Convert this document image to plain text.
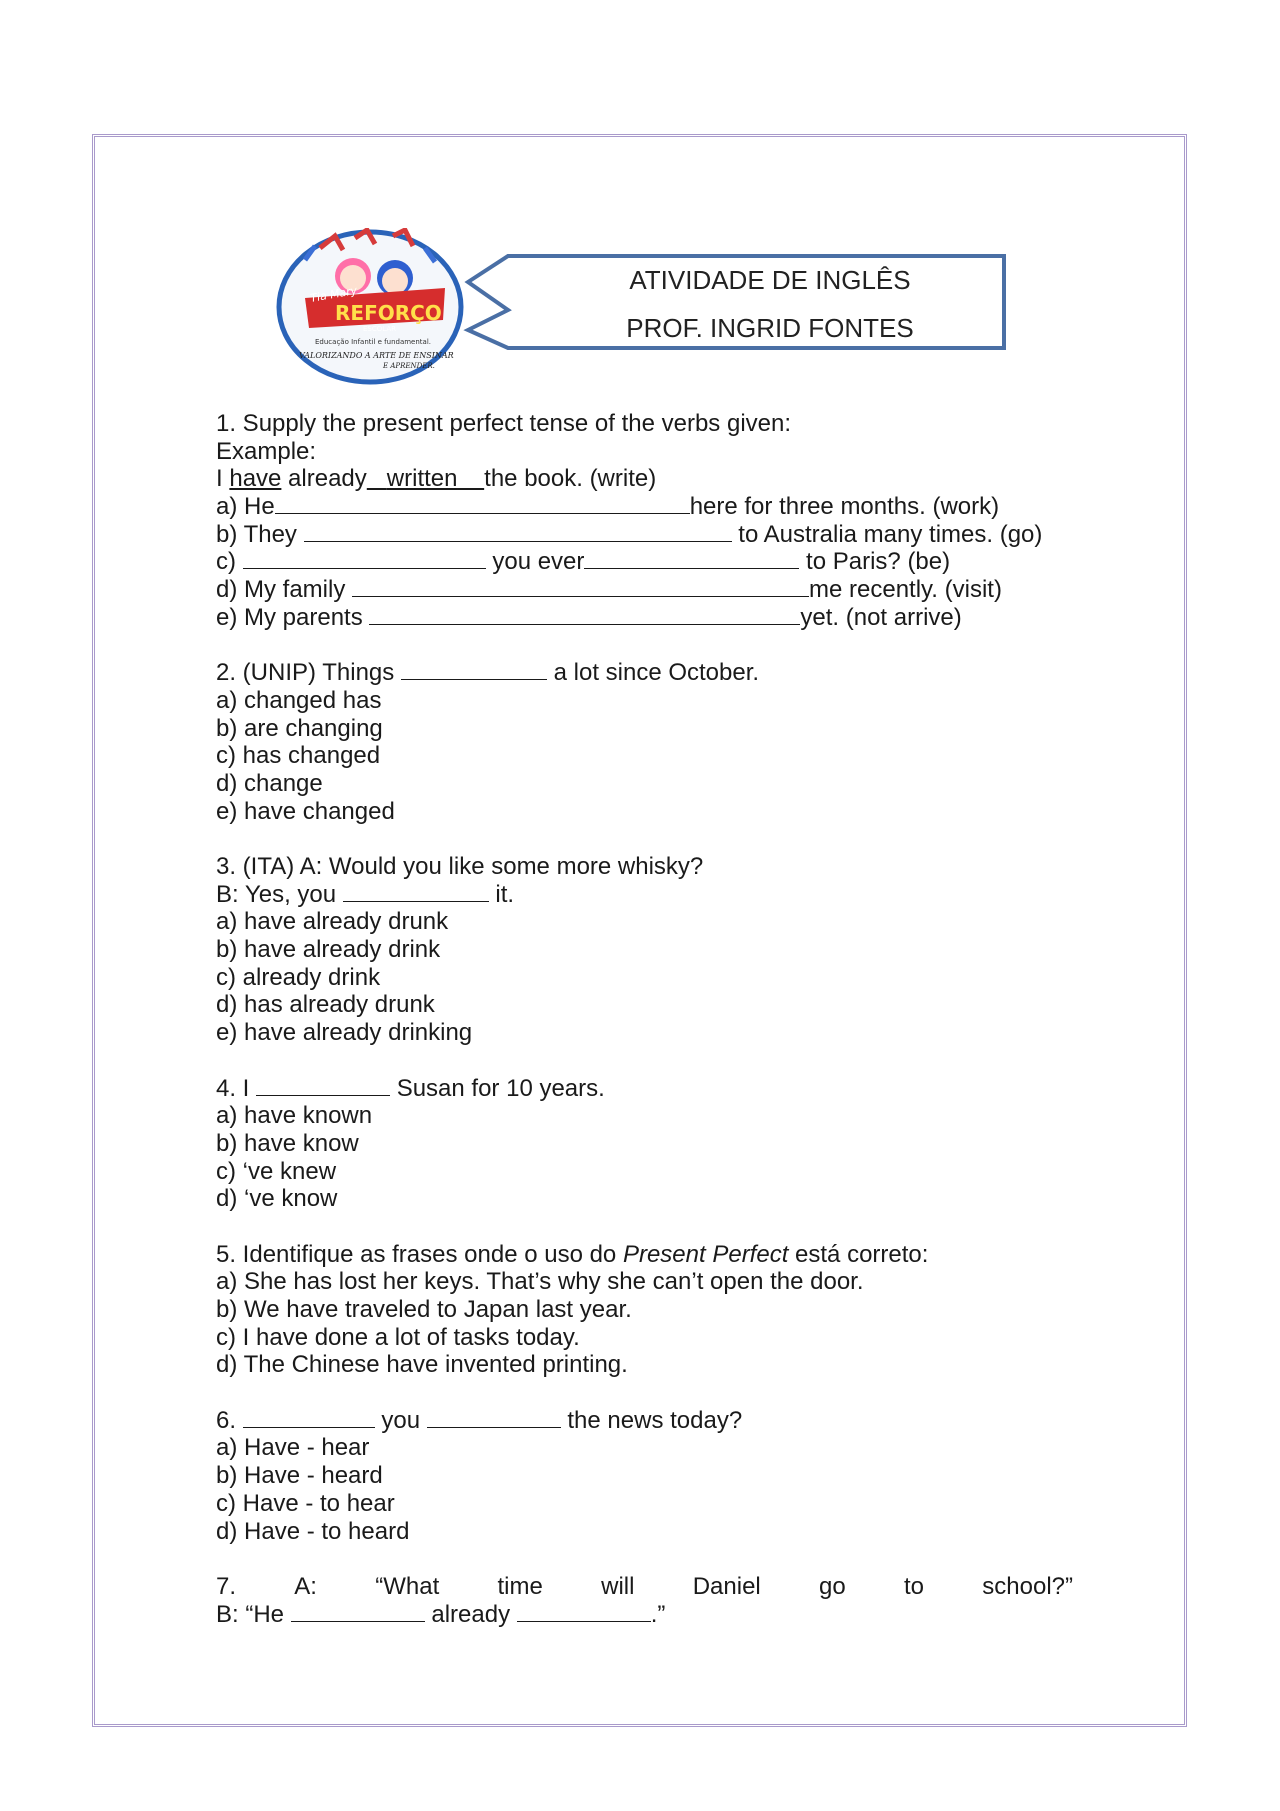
Tia Mary
REFORÇO
ESCOLAR
Educação Infantil e fundamental.
VALORIZANDO A ARTE DE ENSINAR
E APRENDER.
ATIVIDADE DE INGLÊS
PROF. INGRID FONTES
1. Supply the present perfect tense of the verbs given:
Example:
I have already written the book. (write)
a) He	here for three months. (work)
b) They	to Australia many times. (go)
c)	you ever	to Paris? (be)
d) My family	me recently. (visit)
e) My parents	yet. (not arrive)
2. (UNIP) Things	a lot since October.
a) changed has
b) are changing
c) has changed
d) change
e) have changed
3. (ITA) A: Would you like some more whisky?
B: Yes, you	it.
a) have already drunk
b) have already drink
c) already drink
d) has already drunk
e) have already drinking
4. I	Susan for 10 years.
a) have known
b) have know
c) ‘ve knew
d) ‘ve know
5. Identifique as frases onde o uso do Present Perfect está correto:
a) She has lost her keys. That’s why she can’t open the door.
b) We have traveled to Japan last year.
c) I have done a lot of tasks today.
d) The Chinese have invented printing.
6.	you	the news today?
a) Have - hear
b) Have - heard
c) Have - to hear
d) Have - to heard
7. A: “What time will Daniel go to school?”
B: “He	already	.”
